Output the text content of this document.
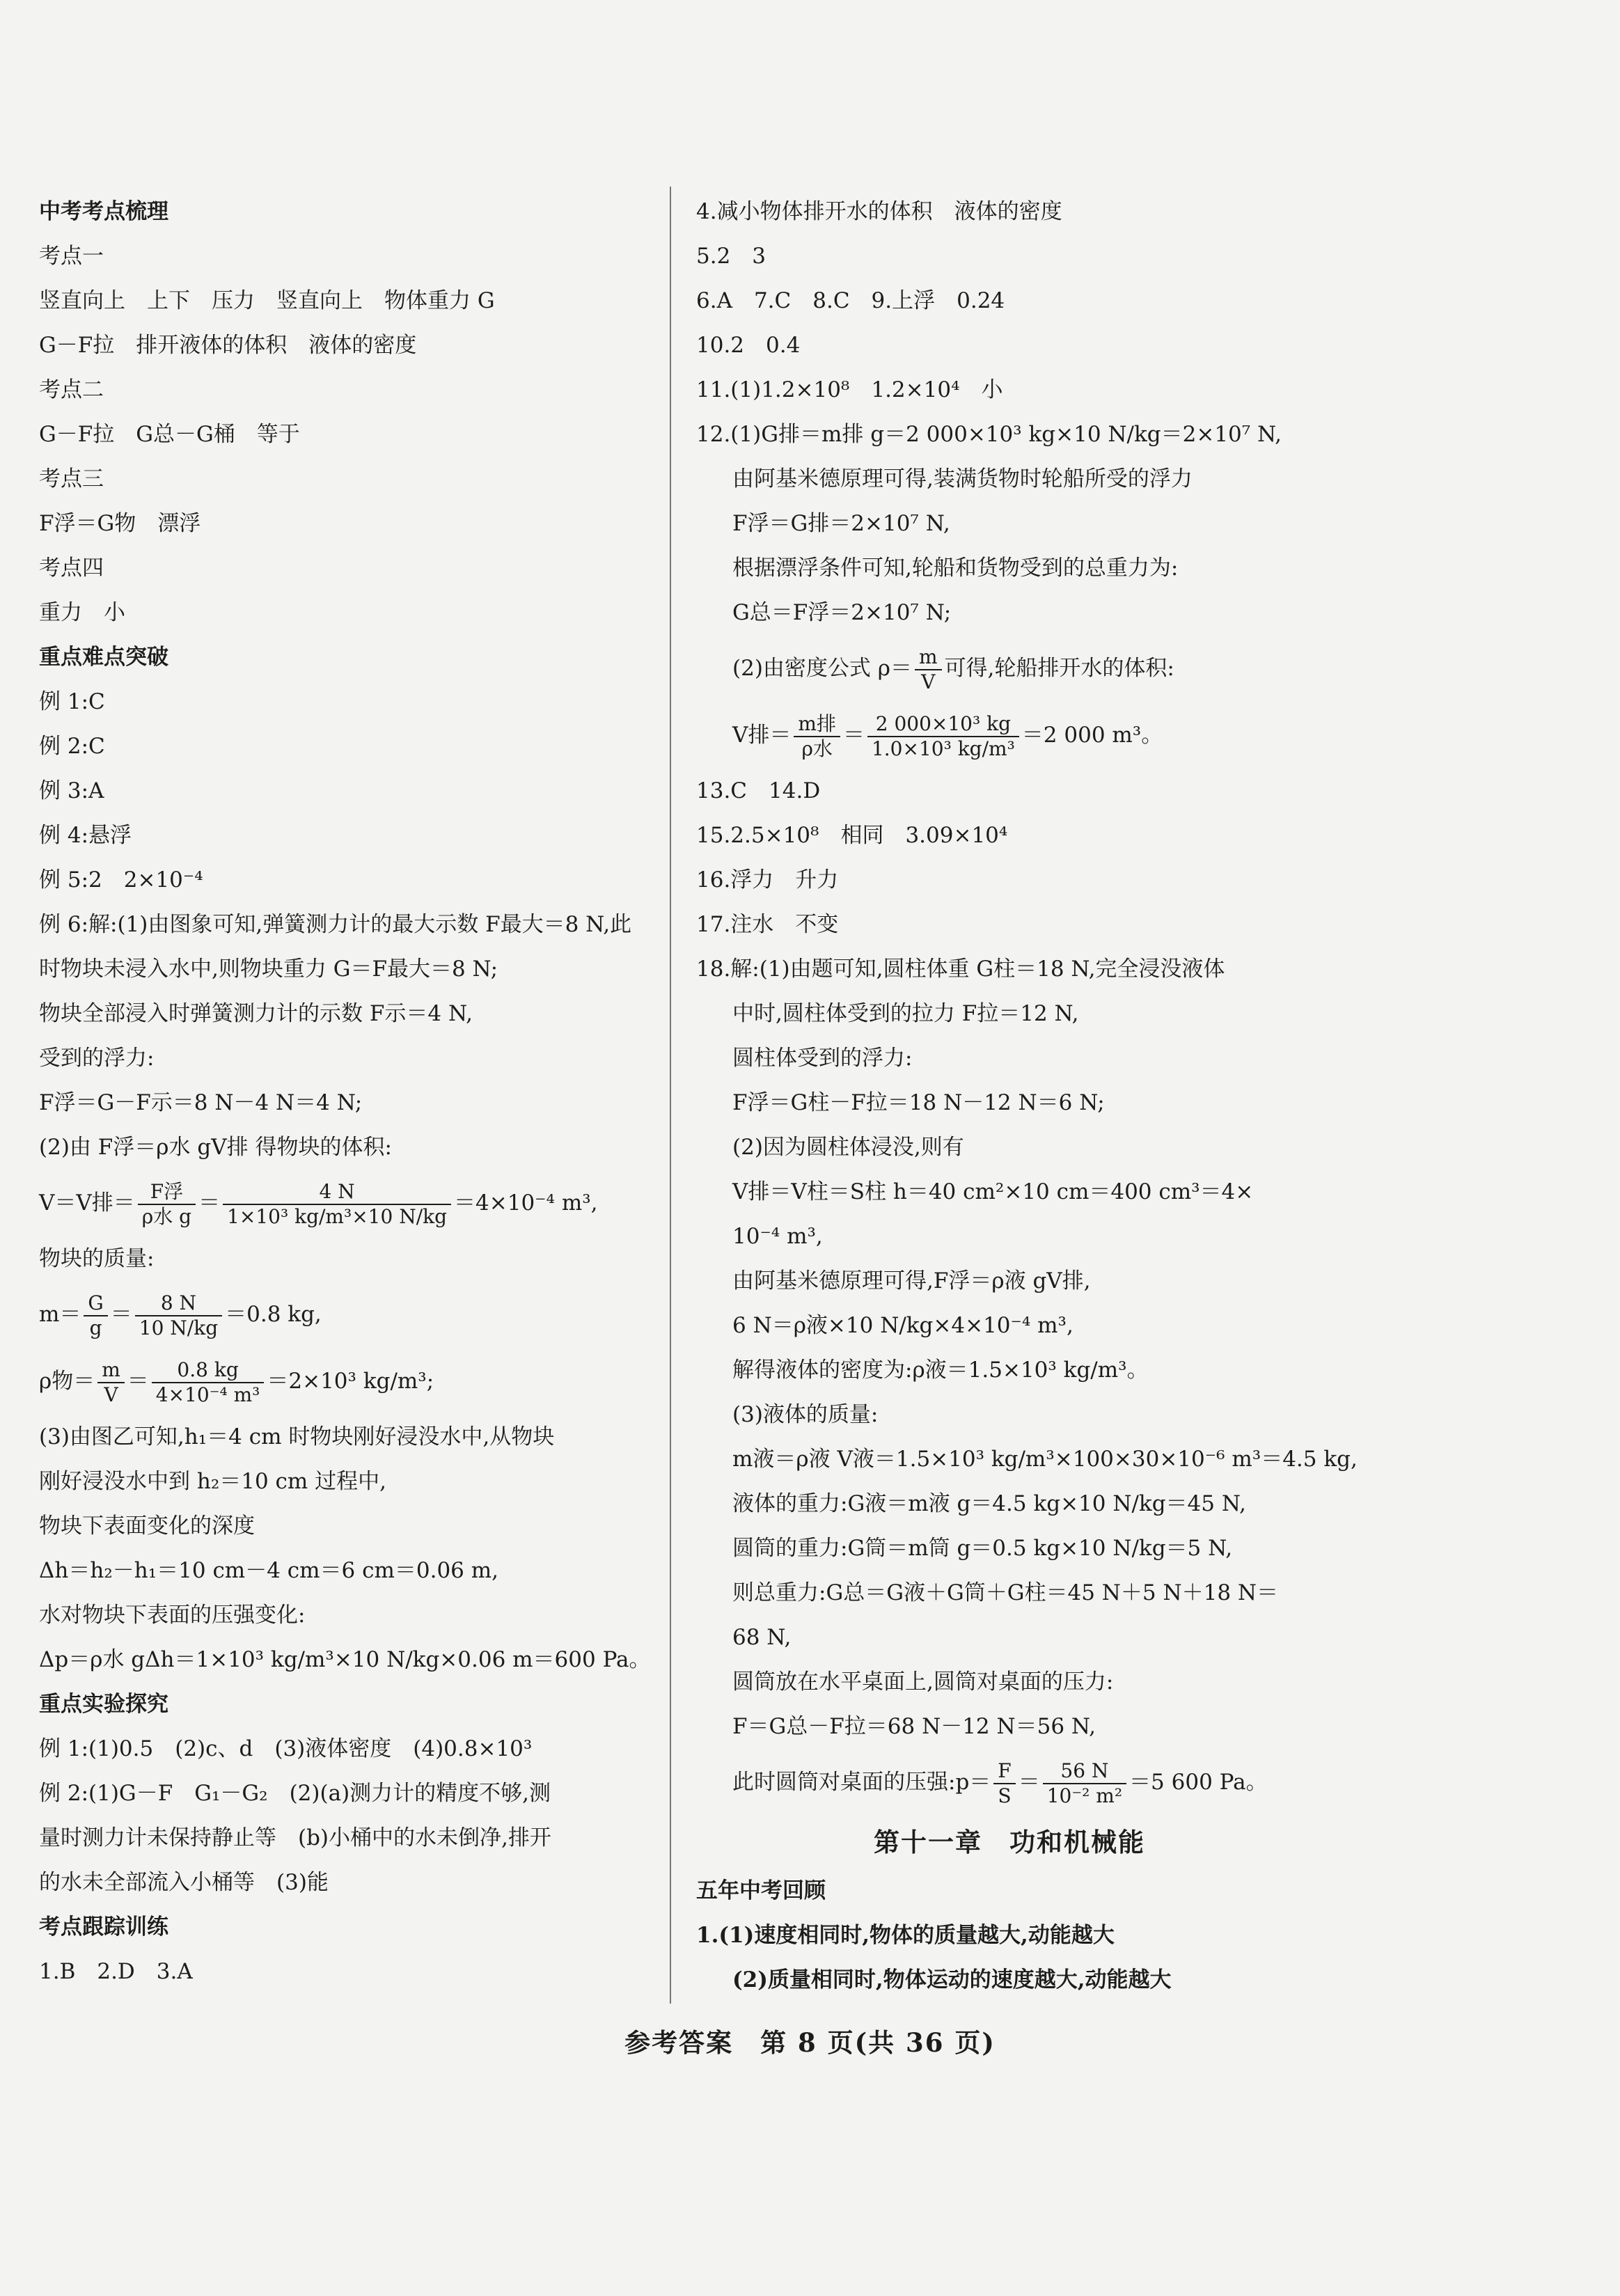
中考考点梳理
考点一
竖直向上　上下　压力　竖直向上　物体重力 G
G－F拉　排开液体的体积　液体的密度
考点二
G－F拉　G总－G桶　等于
考点三
F浮＝G物　漂浮
考点四
重力　小
重点难点突破
例 1:C
例 2:C
例 3:A
例 4:悬浮
例 5:2　2×10⁻⁴
例 6:解:(1)由图象可知,弹簧测力计的最大示数 F最大＝8 N,此
时物块未浸入水中,则物块重力 G＝F最大＝8 N;
物块全部浸入时弹簧测力计的示数 F示＝4 N,
受到的浮力:
F浮＝G－F示＝8 N－4 N＝4 N;
(2)由 F浮＝ρ水 gV排 得物块的体积:
V＝V排＝ $\frac{\text{F浮}}{\text{ρ水 g}} = \frac{4 N}{\text{1×10³ kg/m³×10 N/kg}} =4\times 10^{-4}$ m³,
物块的质量:
$m= \frac{G}{g} = \frac{8 N}{10 N/kg} =0.8$ kg,
ρ物＝ $\frac{m}{V} = \frac{0.8 kg}{\text{4×10⁻⁴ m³}} =2\times 10^3$ kg/m³;
(3)由图乙可知,h₁＝4 cm 时物块刚好浸没水中,从物块
刚好浸没水中到 h₂＝10 cm 过程中,
物块下表面变化的深度
Δh＝h₂－h₁＝10 cm－4 cm＝6 cm＝0.06 m,
水对物块下表面的压强变化:
Δp＝ρ水 gΔh＝1×10³ kg/m³×10 N/kg×0.06 m＝600 Pa。
重点实验探究
例 1:(1)0.5　(2)c、d　(3)液体密度　(4)0.8×10³
例 2:(1)G－F　G₁－G₂　(2)(a)测力计的精度不够,测
量时测力计未保持静止等　(b)小桶中的水未倒净,排开
的水未全部流入小桶等　(3)能
考点跟踪训练
1.B　2.D　3.A
4.减小物体排开水的体积　液体的密度
5.2　3
6.A　7.C　8.C　9.上浮　0.24
10.2　0.4
11.(1)1.2×10⁸　1.2×10⁴　小
12.(1)G排＝m排 g＝2 000×10³ kg×10 N/kg＝2×10⁷ N,
由阿基米德原理可得,装满货物时轮船所受的浮力
F浮＝G排＝2×10⁷ N,
根据漂浮条件可知,轮船和货物受到的总重力为:
G总＝F浮＝2×10⁷ N;
(2)由密度公式 $\rho= \frac{m}{V}$ 可得,轮船排开水的体积:
V排＝ $\frac{\text{m排}}{\text{ρ水}} = \frac{\text{2 000×10³ kg}}{\text{1.0×10³ kg/m³}} =2$ 000 m³。
13.C　14.D
15.2.5×10⁸　相同　3.09×10⁴
16.浮力　升力
17.注水　不变
18.解:(1)由题可知,圆柱体重 G柱＝18 N,完全浸没液体
中时,圆柱体受到的拉力 F拉＝12 N,
圆柱体受到的浮力:
F浮＝G柱－F拉＝18 N－12 N＝6 N;
(2)因为圆柱体浸没,则有
V排＝V柱＝S柱 h＝40 cm²×10 cm＝400 cm³＝4×
10⁻⁴ m³,
由阿基米德原理可得,F浮＝ρ液 gV排,
6 N＝ρ液×10 N/kg×4×10⁻⁴ m³,
解得液体的密度为:ρ液＝1.5×10³ kg/m³。
(3)液体的质量:
m液＝ρ液 V液＝1.5×10³ kg/m³×100×30×10⁻⁶ m³＝4.5 kg,
液体的重力:G液＝m液 g＝4.5 kg×10 N/kg＝45 N,
圆筒的重力:G筒＝m筒 g＝0.5 kg×10 N/kg＝5 N,
则总重力:G总＝G液＋G筒＋G柱＝45 N＋5 N＋18 N＝
68 N,
圆筒放在水平桌面上,圆筒对桌面的压力:
F＝G总－F拉＝68 N－12 N＝56 N,
此时圆筒对桌面的压强:p＝ $\frac{F}{S} = \frac{56 N}{\text{10⁻² m²}} =5$ 600 Pa。
第十一章　功和机械能
五年中考回顾
1.(1)速度相同时,物体的质量越大,动能越大
(2)质量相同时,物体运动的速度越大,动能越大
参考答案　第 8 页(共 36 页)
